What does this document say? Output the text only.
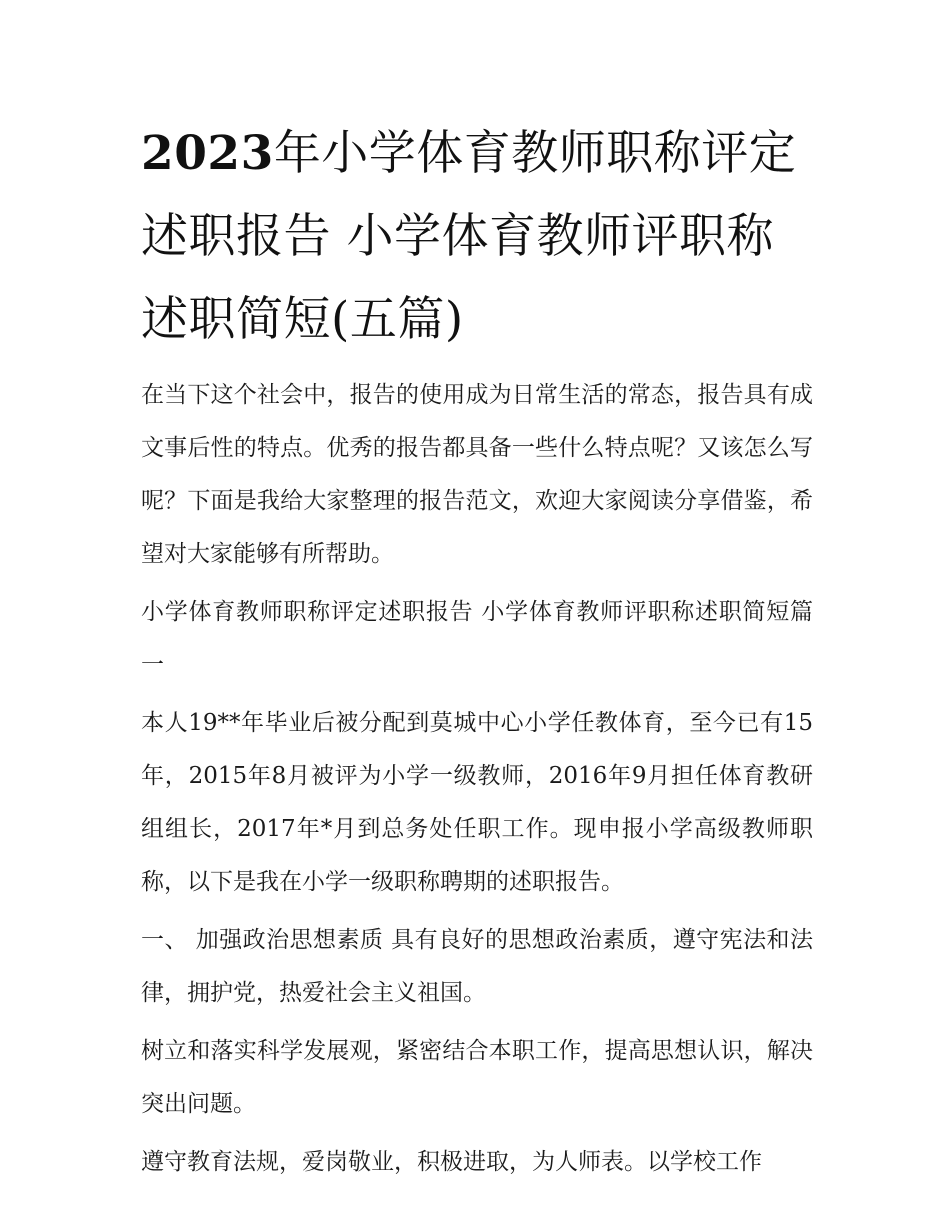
2023年小学体育教师职称评定述职报告 小学体育教师评职称述职简短(五篇)

在当下这个社会中，报告的使用成为日常生活的常态，报告具有成文事后性的特点。优秀的报告都具备一些什么特点呢？又该怎么写呢？下面是我给大家整理的报告范文，欢迎大家阅读分享借鉴，希望对大家能够有所帮助。

小学体育教师职称评定述职报告 小学体育教师评职称述职简短篇一

本人19**年毕业后被分配到莫城中心小学任教体育，至今已有15年，2015年8月被评为小学一级教师，2016年9月担任体育教研组组长，2017年*月到总务处任职工作。现申报小学高级教师职称，以下是我在小学一级职称聘期的述职报告。

一、 加强政治思想素质 具有良好的思想政治素质，遵守宪法和法律，拥护党，热爱社会主义祖国。

树立和落实科学发展观，紧密结合本职工作，提高思想认识，解决突出问题。

遵守教育法规，爱岗敬业，积极进取，为人师表。以学校工作
